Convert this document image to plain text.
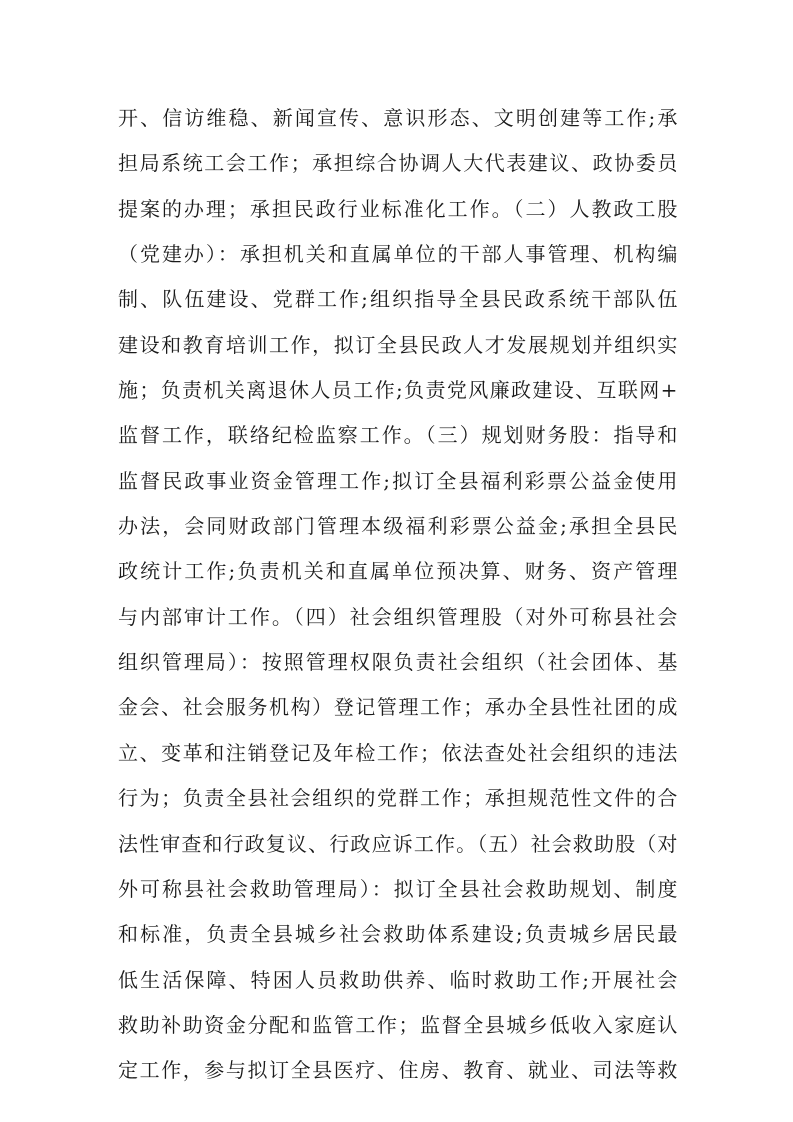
开、信访维稳、新闻宣传、意识形态、文明创建等工作;承
担局系统工会工作；承担综合协调人大代表建议、政协委员
提案的办理；承担民政行业标准化工作。（二）人教政工股
（党建办）：承担机关和直属单位的干部人事管理、机构编
制、队伍建设、党群工作;组织指导全县民政系统干部队伍
建设和教育培训工作，拟订全县民政人才发展规划并组织实
施；负责机关离退休人员工作;负责党风廉政建设、互联网+
监督工作，联络纪检监察工作。（三）规划财务股：指导和
监督民政事业资金管理工作;拟订全县福利彩票公益金使用
办法，会同财政部门管理本级福利彩票公益金;承担全县民
政统计工作;负责机关和直属单位预决算、财务、资产管理
与内部审计工作。（四）社会组织管理股（对外可称县社会
组织管理局）：按照管理权限负责社会组织（社会团体、基
金会、社会服务机构）登记管理工作；承办全县性社团的成
立、变革和注销登记及年检工作；依法查处社会组织的违法
行为；负责全县社会组织的党群工作；承担规范性文件的合
法性审查和行政复议、行政应诉工作。（五）社会救助股（对
外可称县社会救助管理局）：拟订全县社会救助规划、制度
和标准，负责全县城乡社会救助体系建设;负责城乡居民最
低生活保障、特困人员救助供养、临时救助工作;开展社会
救助补助资金分配和监管工作；监督全县城乡低收入家庭认
定工作，参与拟订全县医疗、住房、教育、就业、司法等救
